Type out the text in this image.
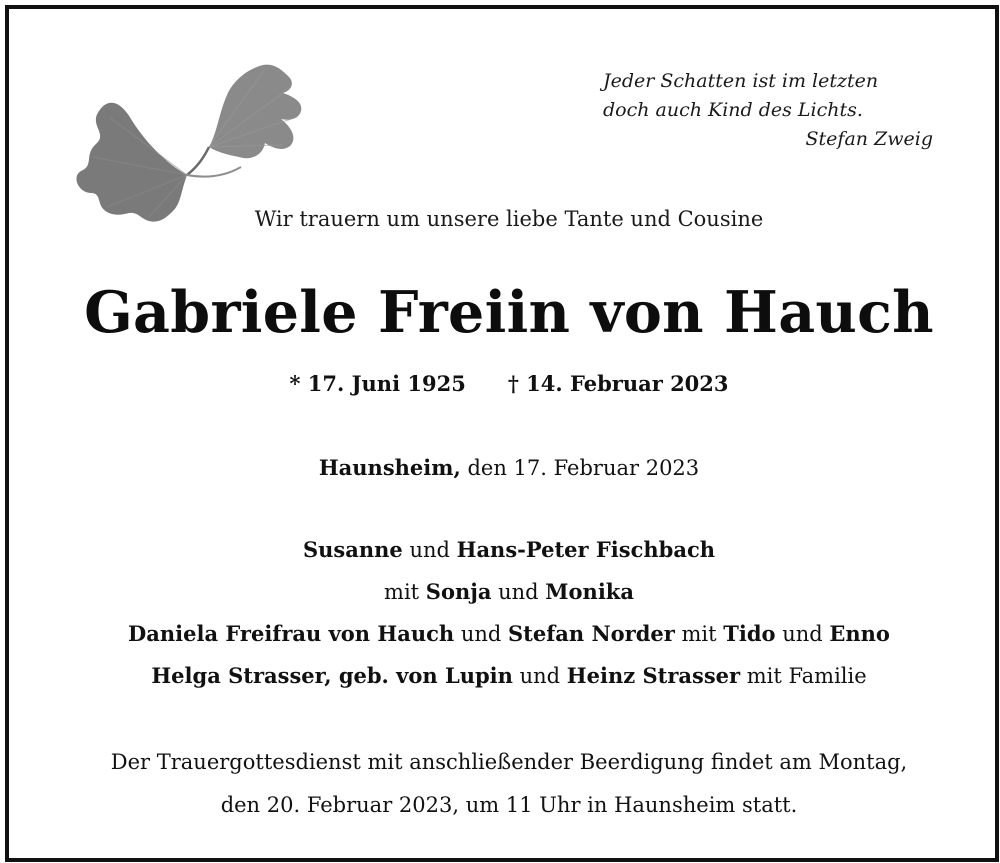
Jeder Schatten ist im letzten
doch auch Kind des Lichts.
Stefan Zweig
Wir trauern um unsere liebe Tante und Cousine
Gabriele Freiin von Hauch
* 17. Juni 1925 † 14. Februar 2023
Haunsheim, den 17. Februar 2023
Susanne und Hans-Peter Fischbach
mit Sonja und Monika
Daniela Freifrau von Hauch und Stefan Norder mit Tido und Enno
Helga Strasser, geb. von Lupin und Heinz Strasser mit Familie
Der Trauergottesdienst mit anschließender Beerdigung findet am Montag,
den 20. Februar 2023, um 11 Uhr in Haunsheim statt.
